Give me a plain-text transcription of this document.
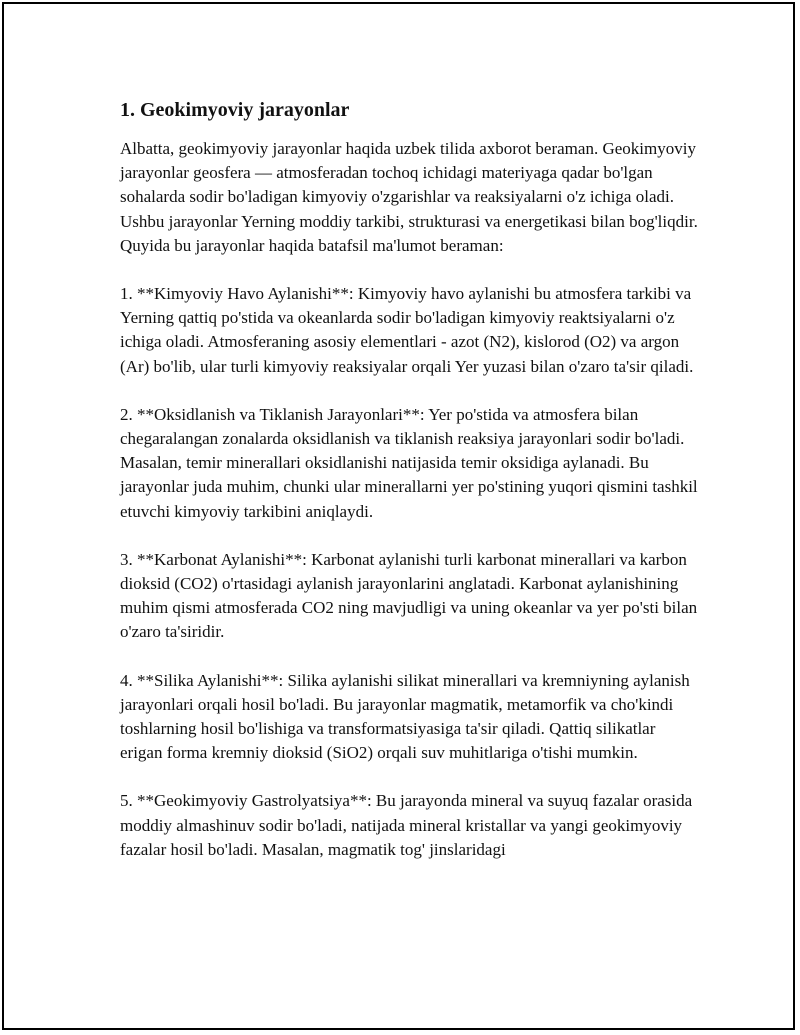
1. Geokimyoviy jarayonlar

Albatta, geokimyoviy jarayonlar haqida uzbek tilida axborot beraman. Geokimyoviy jarayonlar geosfera — atmosferadan tochoq ichidagi materiyaga qadar bo'lgan sohalarda sodir bo'ladigan kimyoviy o'zgarishlar va reaksiyalarni o'z ichiga oladi. Ushbu jarayonlar Yerning moddiy tarkibi, strukturasi va energetikasi bilan bog'liqdir. Quyida bu jarayonlar haqida batafsil ma'lumot beraman:

1. **Kimyoviy Havo Aylanishi**: Kimyoviy havo aylanishi bu atmosfera tarkibi va Yerning qattiq po'stida va okeanlarda sodir bo'ladigan kimyoviy reaktsiyalarni o'z ichiga oladi. Atmosferaning asosiy elementlari - azot (N2), kislorod (O2) va argon (Ar) bo'lib, ular turli kimyoviy reaksiyalar orqali Yer yuzasi bilan o'zaro ta'sir qiladi.

2. **Oksidlanish va Tiklanish Jarayonlari**: Yer po'stida va atmosfera bilan chegaralangan zonalarda oksidlanish va tiklanish reaksiya jarayonlari sodir bo'ladi. Masalan, temir minerallari oksidlanishi natijasida temir oksidiga aylanadi. Bu jarayonlar juda muhim, chunki ular minerallarni yer po'stining yuqori qismini tashkil etuvchi kimyoviy tarkibini aniqlaydi.

3. **Karbonat Aylanishi**: Karbonat aylanishi turli karbonat minerallari va karbon dioksid (CO2) o'rtasidagi aylanish jarayonlarini anglatadi. Karbonat aylanishining muhim qismi atmosferada CO2 ning mavjudligi va uning okeanlar va yer po'sti bilan o'zaro ta'siridir.

4. **Silika Aylanishi**: Silika aylanishi silikat minerallari va kremniyning aylanish jarayonlari orqali hosil bo'ladi. Bu jarayonlar magmatik, metamorfik va cho'kindi toshlarning hosil bo'lishiga va transformatsiyasiga ta'sir qiladi. Qattiq silikatlar erigan forma kremniy dioksid (SiO2) orqali suv muhitlariga o'tishi mumkin.

5. **Geokimyoviy Gastrolyatsiya**: Bu jarayonda mineral va suyuq fazalar orasida moddiy almashinuv sodir bo'ladi, natijada mineral kristallar va yangi geokimyoviy fazalar hosil bo'ladi. Masalan, magmatik tog' jinslaridagi
